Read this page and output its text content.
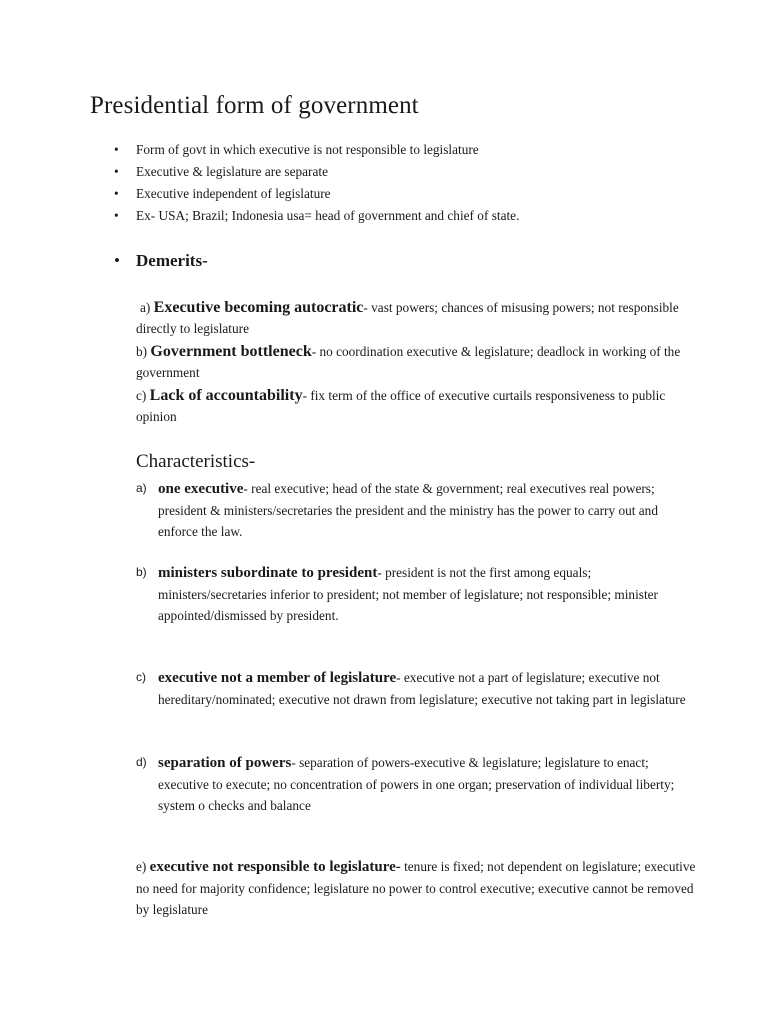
Presidential form of government
• Form of govt in which executive is not responsible to legislature
• Executive & legislature are separate
• Executive independent of legislature
• Ex- USA; Brazil; Indonesia usa= head of government and chief of state.
• Demerits-
a) Executive becoming autocratic- vast powers; chances of misusing powers; not responsible directly to legislature
b) Government bottleneck- no coordination executive & legislature; deadlock in working of the government
c) Lack of accountability- fix term of the office of executive curtails responsiveness to public opinion
Characteristics-
a) one executive- real executive; head of the state & government; real executives real powers; president & ministers/secretaries the president and the ministry has the power to carry out and enforce the law.
b) ministers subordinate to president- president is not the first among equals; ministers/secretaries inferior to president; not member of legislature; not responsible; minister appointed/dismissed by president.
c) executive not a member of legislature- executive not a part of legislature; executive not hereditary/nominated; executive not drawn from legislature; executive not taking part in legislature
d) separation of powers- separation of powers-executive & legislature; legislature to enact; executive to execute; no concentration of powers in one organ; preservation of individual liberty; system o checks and balance
e) executive not responsible to legislature- tenure is fixed; not dependent on legislature; executive no need for majority confidence; legislature no power to control executive; executive cannot be removed by legislature
